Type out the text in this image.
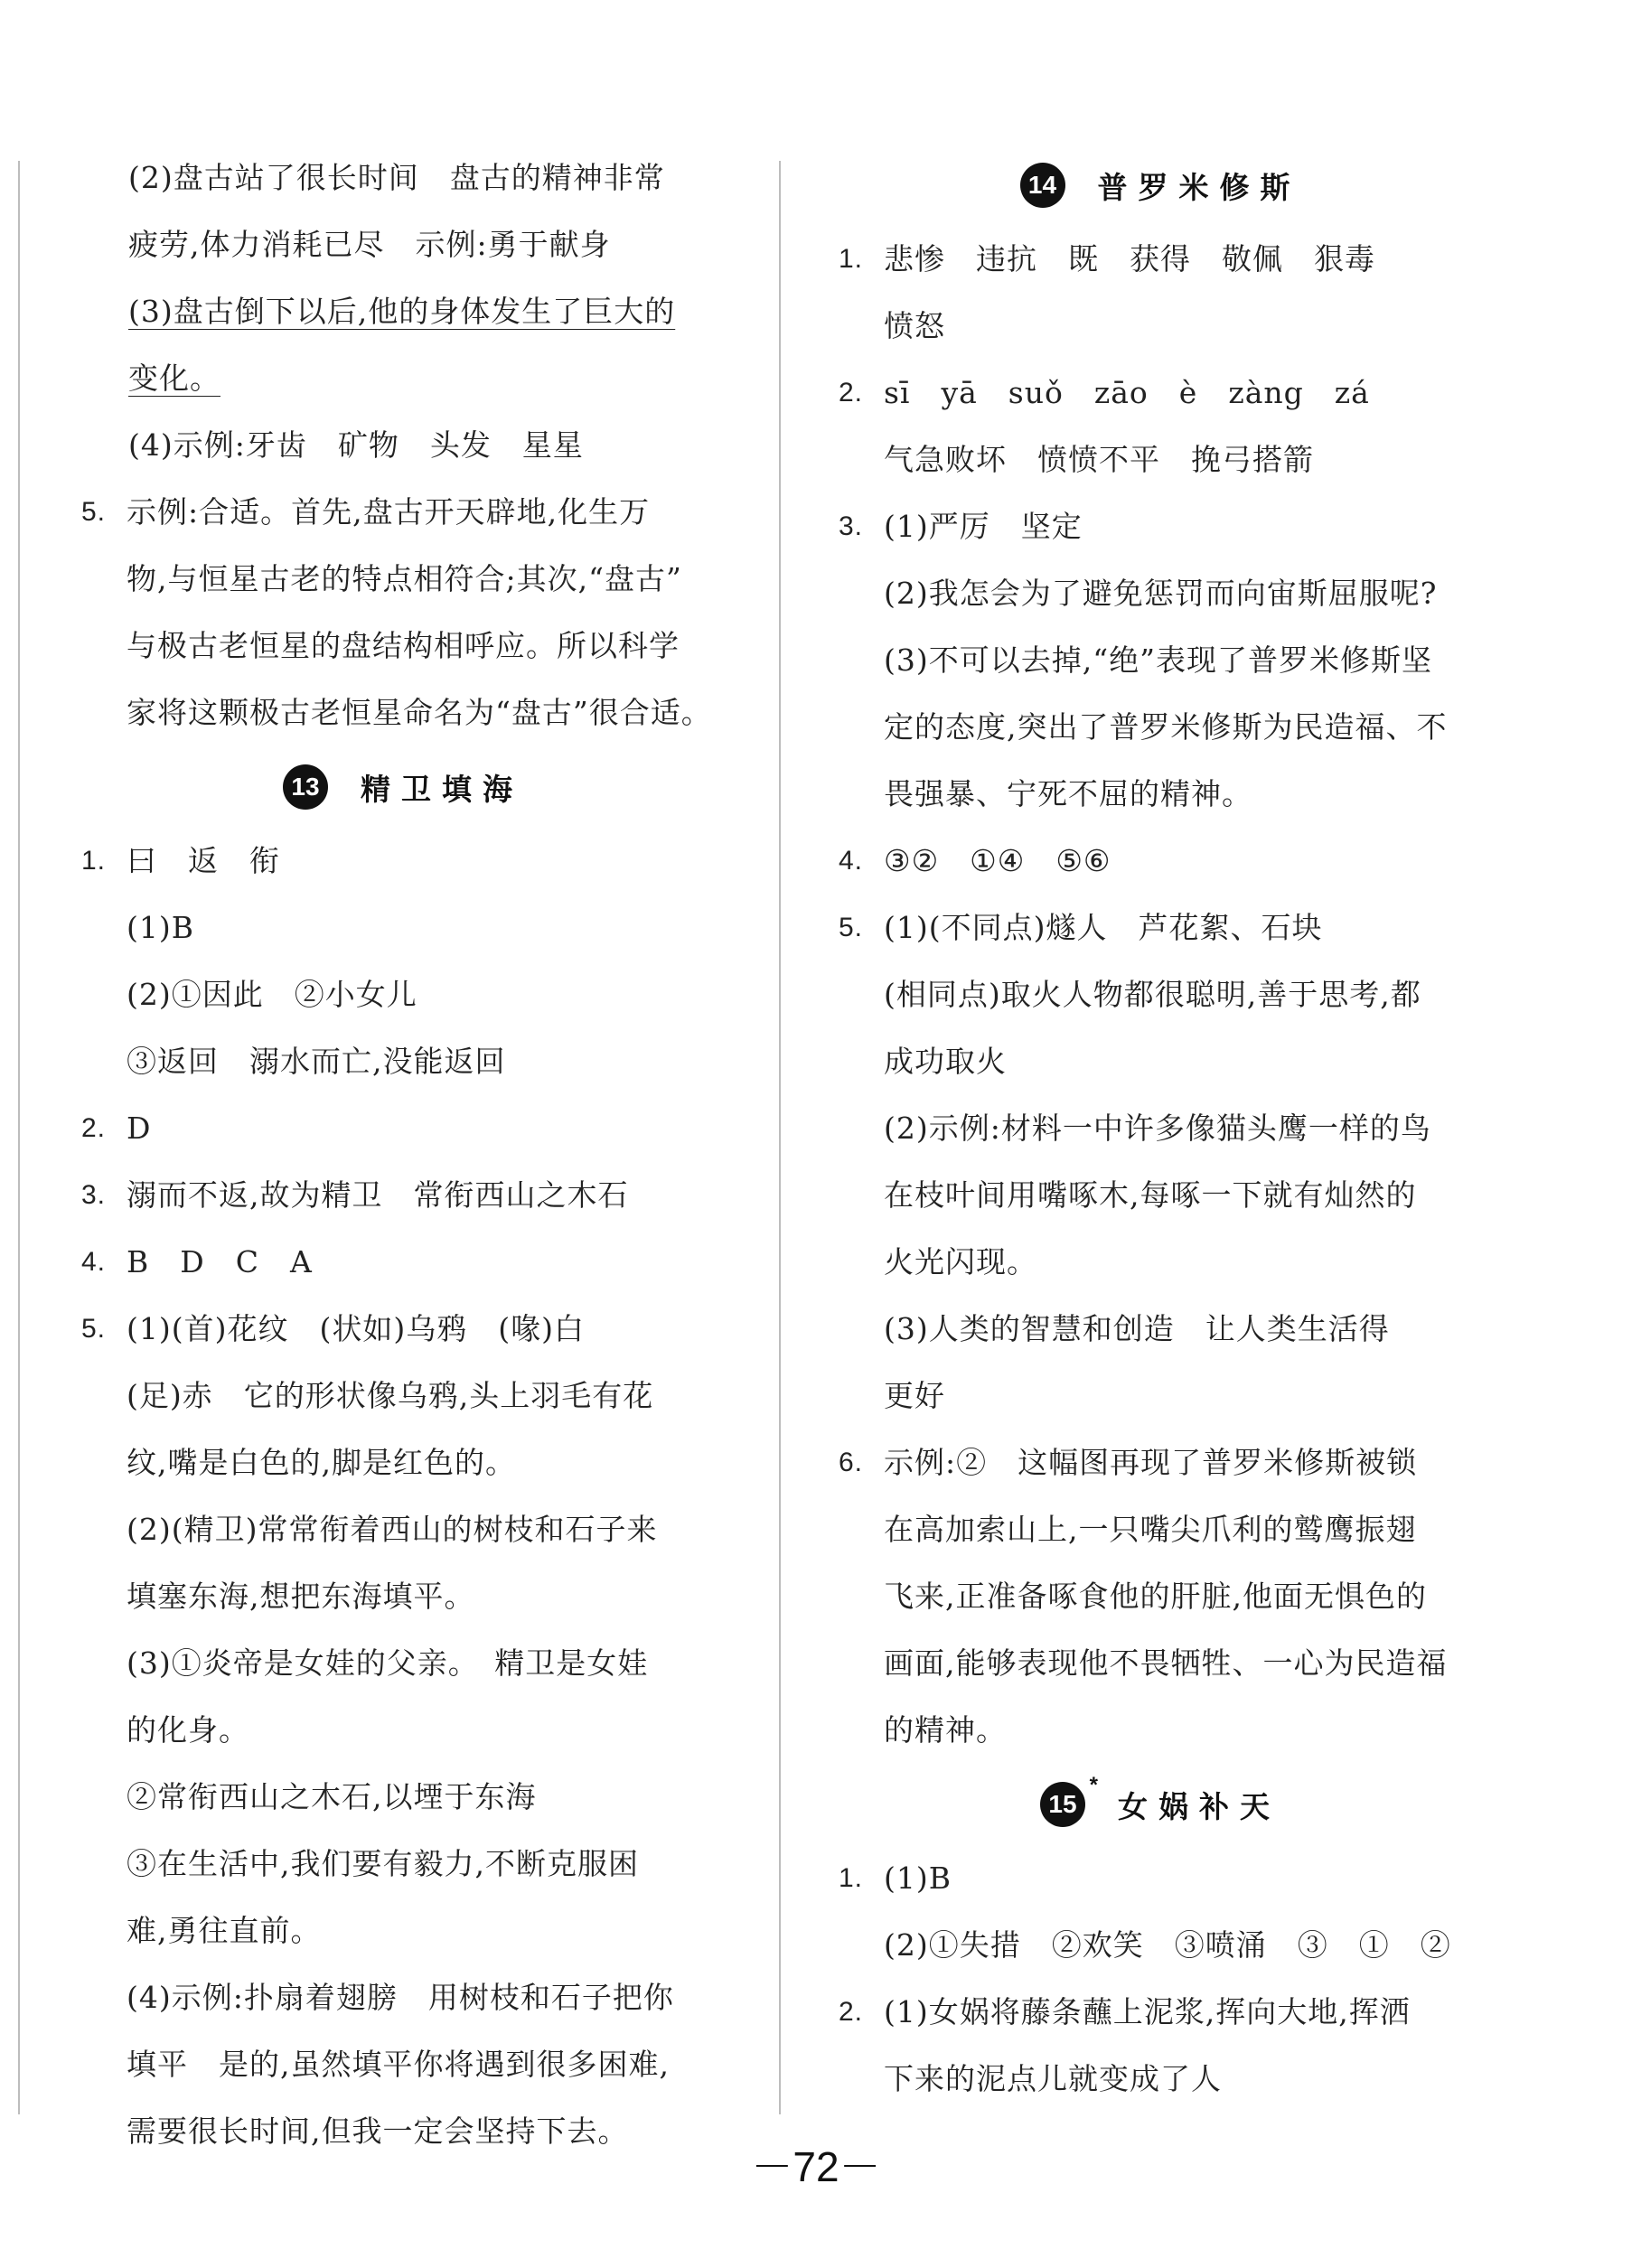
(2)盘古站了很长时间　盘古的精神非常
疲劳,体力消耗已尽　示例:勇于献身
(3)盘古倒下以后,他的身体发生了巨大的
变化。
(4)示例:牙齿　矿物　头发　星星
5. 示例:合适。首先,盘古开天辟地,化生万
物,与恒星古老的特点相符合;其次,“盘古”
与极古老恒星的盘结构相呼应。所以科学
家将这颗极古老恒星命名为“盘古”很合适。
13 精卫填海
1. 曰　返　衔
(1)B
(2)①因此　②小女儿
③返回　溺水而亡,没能返回
2. D
3. 溺而不返,故为精卫　常衔西山之木石
4. B　D　C　A
5. (1)(首)花纹　(状如)乌鸦　(喙)白
(足)赤　它的形状像乌鸦,头上羽毛有花
纹,嘴是白色的,脚是红色的。
(2)(精卫)常常衔着西山的树枝和石子来
填塞东海,想把东海填平。
(3)①炎帝是女娃的父亲。　精卫是女娃
的化身。
②常衔西山之木石,以堙于东海
③在生活中,我们要有毅力,不断克服困
难,勇往直前。
(4)示例:扑扇着翅膀　用树枝和石子把你
填平　是的,虽然填平你将遇到很多困难,
需要很长时间,但我一定会坚持下去。
14 普罗米修斯
1. 悲惨　违抗　既　获得　敬佩　狠毒
愤怒
2. sī　yā　suǒ　zāo　è　zàng　zá
气急败坏　愤愤不平　挽弓搭箭
3. (1)严厉　坚定
(2)我怎会为了避免惩罚而向宙斯屈服呢?
(3)不可以去掉,“绝”表现了普罗米修斯坚
定的态度,突出了普罗米修斯为民造福、不
畏强暴、宁死不屈的精神。
4. ③②　①④　⑤⑥
5. (1)(不同点)燧人　芦花絮、石块
(相同点)取火人物都很聪明,善于思考,都
成功取火
(2)示例:材料一中许多像猫头鹰一样的鸟
在枝叶间用嘴啄木,每啄一下就有灿然的
火光闪现。
(3)人类的智慧和创造　让人类生活得
更好
6. 示例:②　这幅图再现了普罗米修斯被锁
在高加索山上,一只嘴尖爪利的鹫鹰振翅
飞来,正准备啄食他的肝脏,他面无惧色的
画面,能够表现他不畏牺牲、一心为民造福
的精神。
15
*
女娲补天
1. (1)B
(2)①失措　②欢笑　③喷涌　③　①　②
2. (1)女娲将藤条蘸上泥浆,挥向大地,挥洒
下来的泥点儿就变成了人
－72－
